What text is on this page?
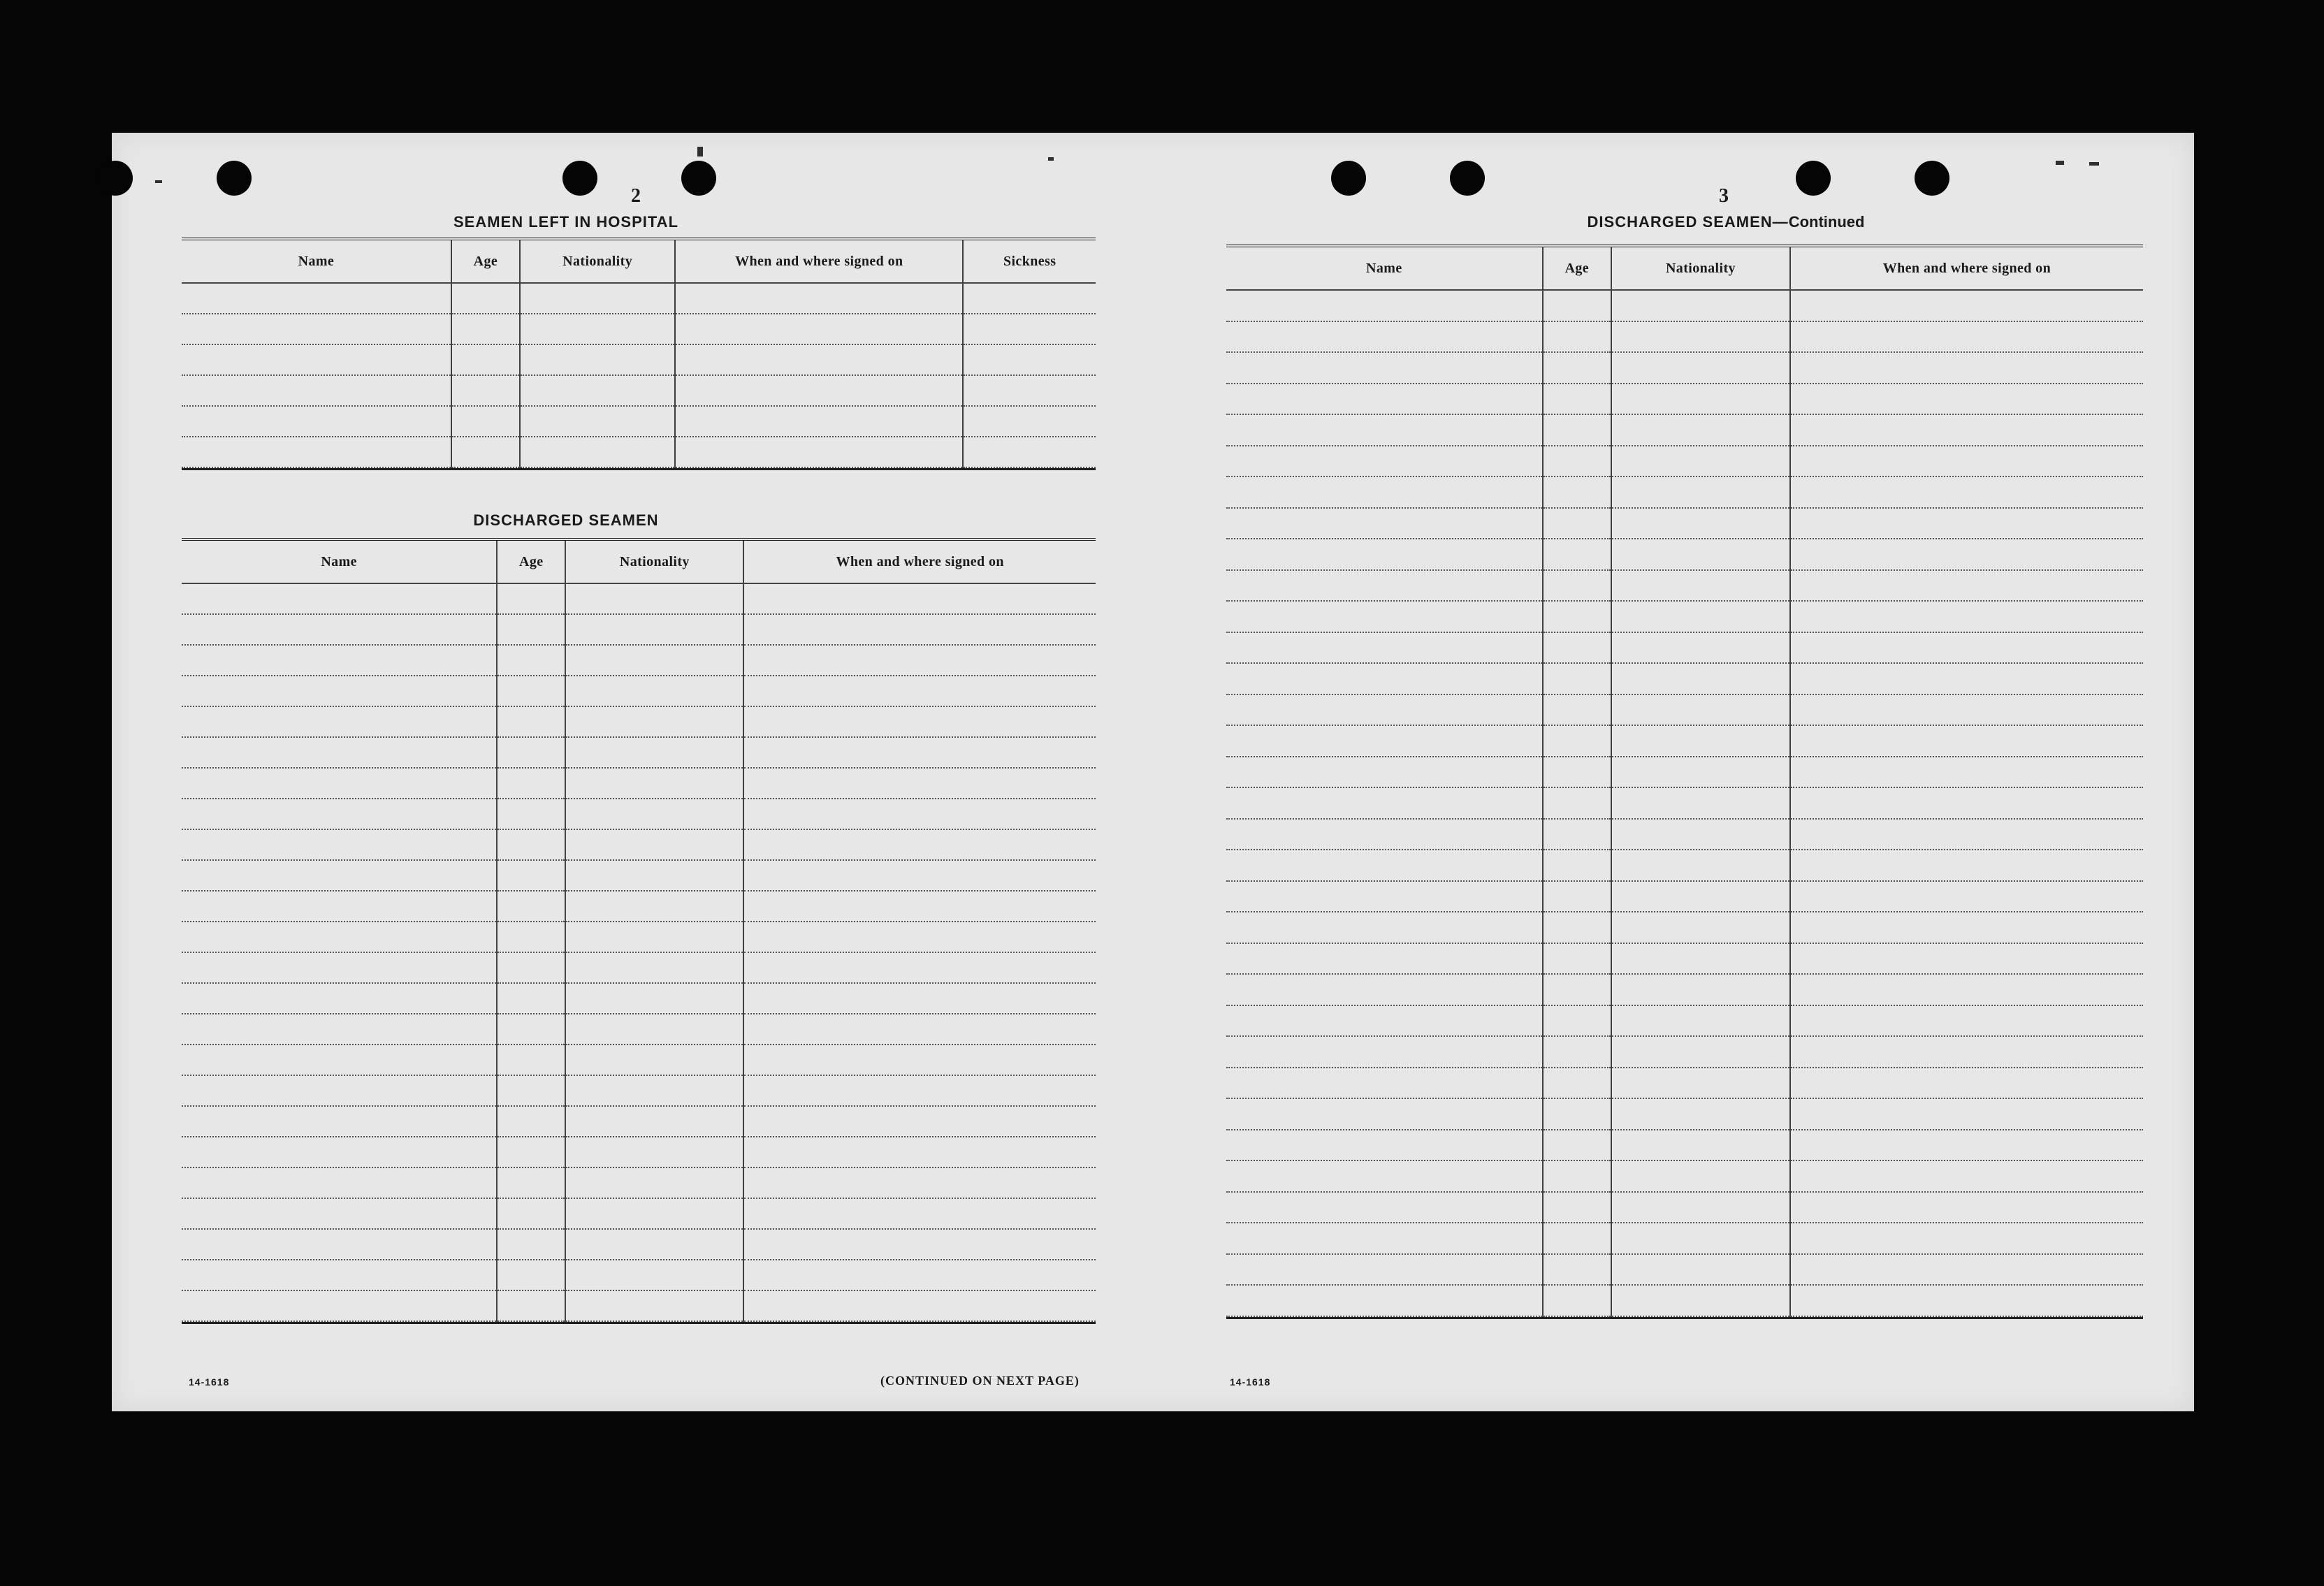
2
SEAMEN LEFT IN HOSPITAL
Name	Age	Nationality	When and where signed on	Sickness

DISCHARGED SEAMEN
Name	Age	Nationality	When and where signed on

14-1618	(CONTINUED ON NEXT PAGE)
3
DISCHARGED SEAMEN—Continued
Name	Age	Nationality	When and where signed on

14-1618
